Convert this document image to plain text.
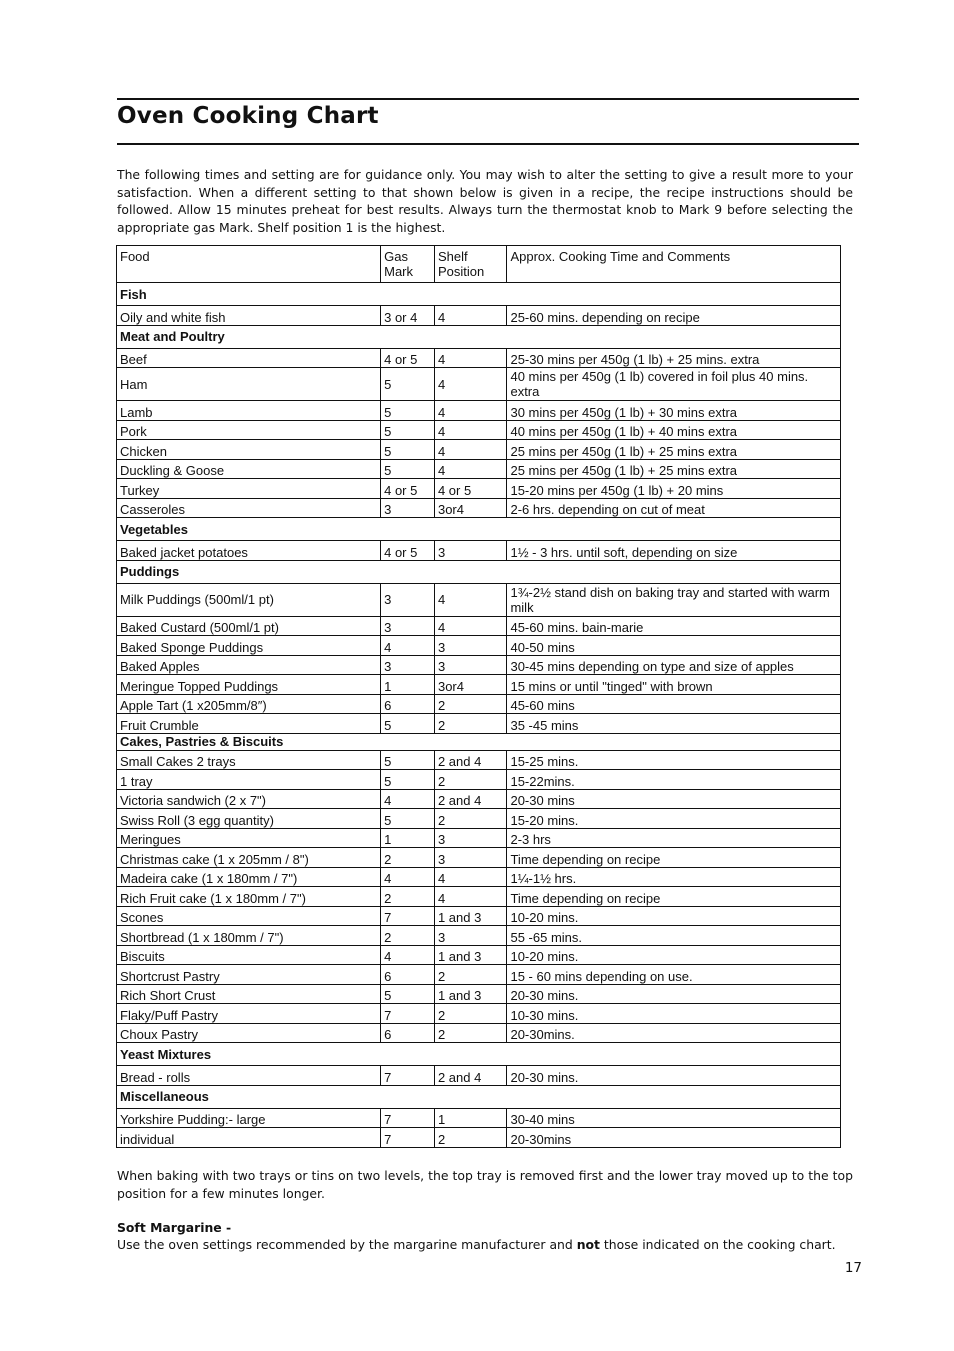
Oven Cooking Chart

The following times and setting are for guidance only. You may wish to alter the setting to give a result more to your satisfaction. When a different setting to that shown below is given in a recipe, the recipe instructions should be followed. Allow 15 minutes preheat for best results. Always turn the thermostat knob to Mark 9 before selecting the appropriate gas Mark. Shelf position 1 is the highest.

Food	Gas Mark	Shelf Position	Approx. Cooking Time and Comments
Fish			
Oily and white fish	3 or 4	4	25-60 mins. depending on recipe
Meat and Poultry			
Beef	4 or 5	4	25-30 mins per 450g (1 lb) + 25 mins. extra
Ham	5	4	40 mins per 450g (1 lb) covered in foil plus 40 mins. extra
Lamb	5	4	30 mins per 450g (1 lb) + 30 mins extra
Pork	5	4	40 mins per 450g (1 lb) + 40 mins extra
Chicken	5	4	25 mins per 450g (1 lb) + 25 mins extra
Duckling & Goose	5	4	25 mins per 450g (1 lb) + 25 mins extra
Turkey	4 or 5	4 or 5	15-20 mins per 450g (1 lb) + 20 mins
Casseroles	3	3or4	2-6 hrs. depending on cut of meat
Vegetables			
Baked jacket potatoes	4 or 5	3	1½ - 3 hrs. until soft, depending on size
Puddings			
Milk Puddings (500ml/1 pt)	3	4	1¾-2½ stand dish on baking tray and started with warm milk
Baked Custard (500ml/1 pt)	3	4	45-60 mins. bain-marie
Baked Sponge Puddings	4	3	40-50 mins
Baked Apples	3	3	30-45 mins depending on type and size of apples
Meringue Topped Puddings	1	3or4	15 mins or until "tinged" with brown
Apple Tart (1 x205mm/8″)	6	2	45-60 mins
Fruit Crumble	5	2	35 -45 mins
Cakes, Pastries & Biscuits			
Small Cakes 2 trays	5	2 and 4	15-25 mins.
1 tray	5	2	15-22mins.
Victoria sandwich (2 x 7")	4	2 and 4	20-30 mins
Swiss Roll (3 egg quantity)	5	2	15-20 mins.
Meringues	1	3	2-3 hrs
Christmas cake (1 x 205mm / 8")	2	3	Time depending on recipe
Madeira cake (1 x 180mm / 7")	4	4	1¼-1½ hrs.
Rich Fruit cake (1 x 180mm / 7")	2	4	Time depending on recipe
Scones	7	1 and 3	10-20 mins.
Shortbread (1 x 180mm / 7")	2	3	55 -65 mins.
Biscuits	4	1 and 3	10-20 mins.
Shortcrust Pastry	6	2	15 - 60 mins depending on use.
Rich Short Crust	5	1 and 3	20-30 mins.
Flaky/Puff Pastry	7	2	10-30 mins.
Choux Pastry	6	2	20-30mins.
Yeast Mixtures			
Bread - rolls	7	2 and 4	20-30 mins.
Miscellaneous			
Yorkshire Pudding:- large	7	1	30-40 mins
individual	7	2	20-30mins

When baking with two trays or tins on two levels, the top tray is removed first and the lower tray moved up to the top position for a few minutes longer.

Soft Margarine -

Use the oven settings recommended by the margarine manufacturer and not those indicated on the cooking chart.

17
